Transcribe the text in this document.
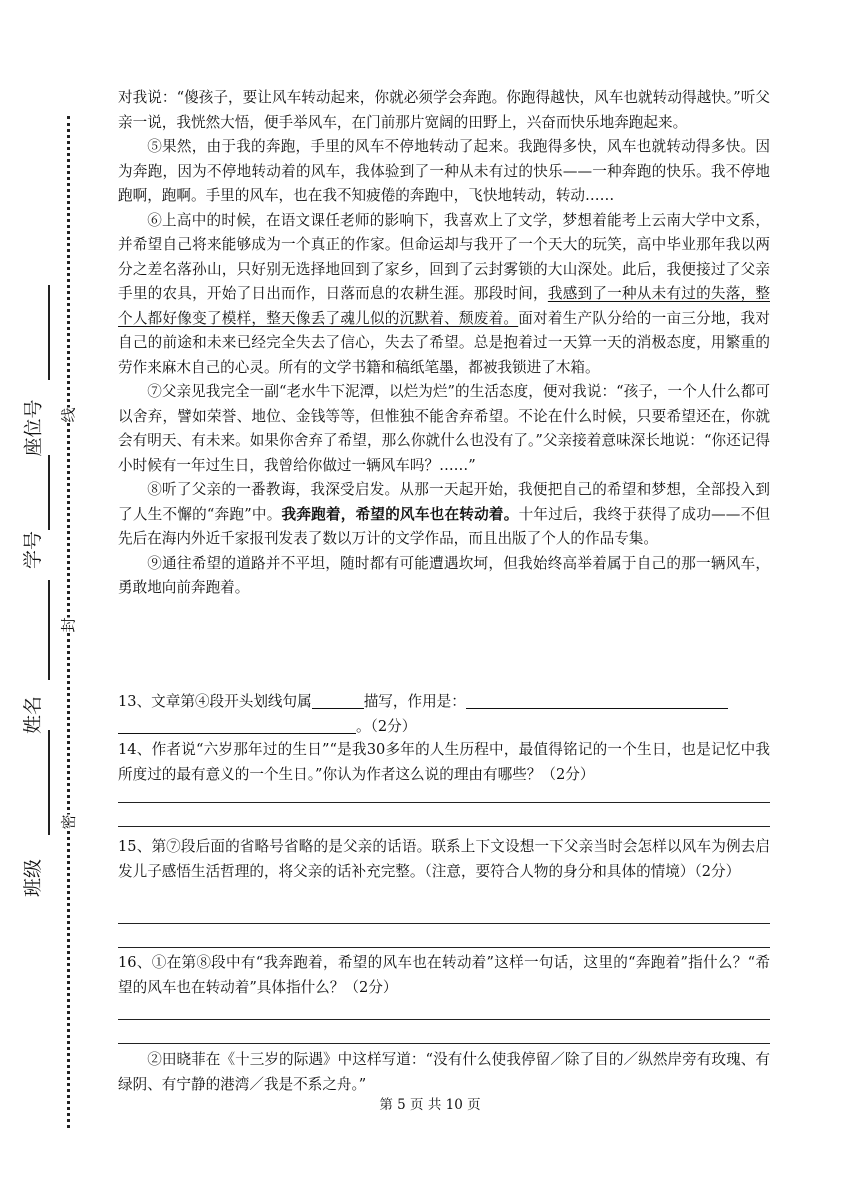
班级
姓名
学号
座位号
密
封
线

对我说：“傻孩子，要让风车转动起来，你就必须学会奔跑。你跑得越快，风车也就转动得越快。”听父亲一说，我恍然大悟，便手举风车，在门前那片宽阔的田野上，兴奋而快乐地奔跑起来。

⑤果然，由于我的奔跑，手里的风车不停地转动了起来。我跑得多快，风车也就转动得多快。因为奔跑，因为不停地转动着的风车，我体验到了一种从未有过的快乐——一种奔跑的快乐。我不停地跑啊，跑啊。手里的风车，也在我不知疲倦的奔跑中，飞快地转动，转动……

⑥上高中的时候，在语文课任老师的影响下，我喜欢上了文学，梦想着能考上云南大学中文系，并希望自己将来能够成为一个真正的作家。但命运却与我开了一个天大的玩笑，高中毕业那年我以两分之差名落孙山，只好别无选择地回到了家乡，回到了云封雾锁的大山深处。此后，我便接过了父亲手里的农具，开始了日出而作，日落而息的农耕生涯。那段时间，我感到了一种从未有过的失落，整个人都好像变了模样，整天像丢了魂儿似的沉默着、颓废着。面对着生产队分给的一亩三分地，我对自己的前途和未来已经完全失去了信心，失去了希望。总是抱着过一天算一天的消极态度，用繁重的劳作来麻木自己的心灵。所有的文学书籍和稿纸笔墨，都被我锁进了木箱。

⑦父亲见我完全一副“老水牛下泥潭，以烂为烂”的生活态度，便对我说：“孩子，一个人什么都可以舍弃，譬如荣誉、地位、金钱等等，但惟独不能舍弃希望。不论在什么时候，只要希望还在，你就会有明天、有未来。如果你舍弃了希望，那么你就什么也没有了。”父亲接着意味深长地说：“你还记得小时候有一年过生日，我曾给你做过一辆风车吗？……”

⑧听了父亲的一番教诲，我深受启发。从那一天起开始，我便把自己的希望和梦想，全部投入到了人生不懈的“奔跑”中。我奔跑着，希望的风车也在转动着。十年过后，我终于获得了成功——不但先后在海内外近千家报刊发表了数以万计的文学作品，而且出版了个人的作品专集。

⑨通往希望的道路并不平坦，随时都有可能遭遇坎坷，但我始终高举着属于自己的那一辆风车，勇敢地向前奔跑着。

13、文章第④段开头划线句属	描写，作用是：

。（2分）

14、作者说“六岁那年过的生日”“是我30多年的人生历程中，最值得铭记的一个生日，也是记忆中我所度过的最有意义的一个生日。”你认为作者这么说的理由有哪些？（2分）

15、第⑦段后面的省略号省略的是父亲的话语。联系上下文设想一下父亲当时会怎样以风车为例去启发儿子感悟生活哲理的，将父亲的话补充完整。（注意，要符合人物的身分和具体的情境）（2分）

16、①在第⑧段中有“我奔跑着，希望的风车也在转动着”这样一句话，这里的“奔跑着”指什么？“希望的风车也在转动着”具体指什么？（2分）

②田晓菲在《十三岁的际遇》中这样写道：“没有什么使我停留／除了目的／纵然岸旁有玫瑰、有绿阴、有宁静的港湾／我是不系之舟。”

第 5 页 共 10 页
